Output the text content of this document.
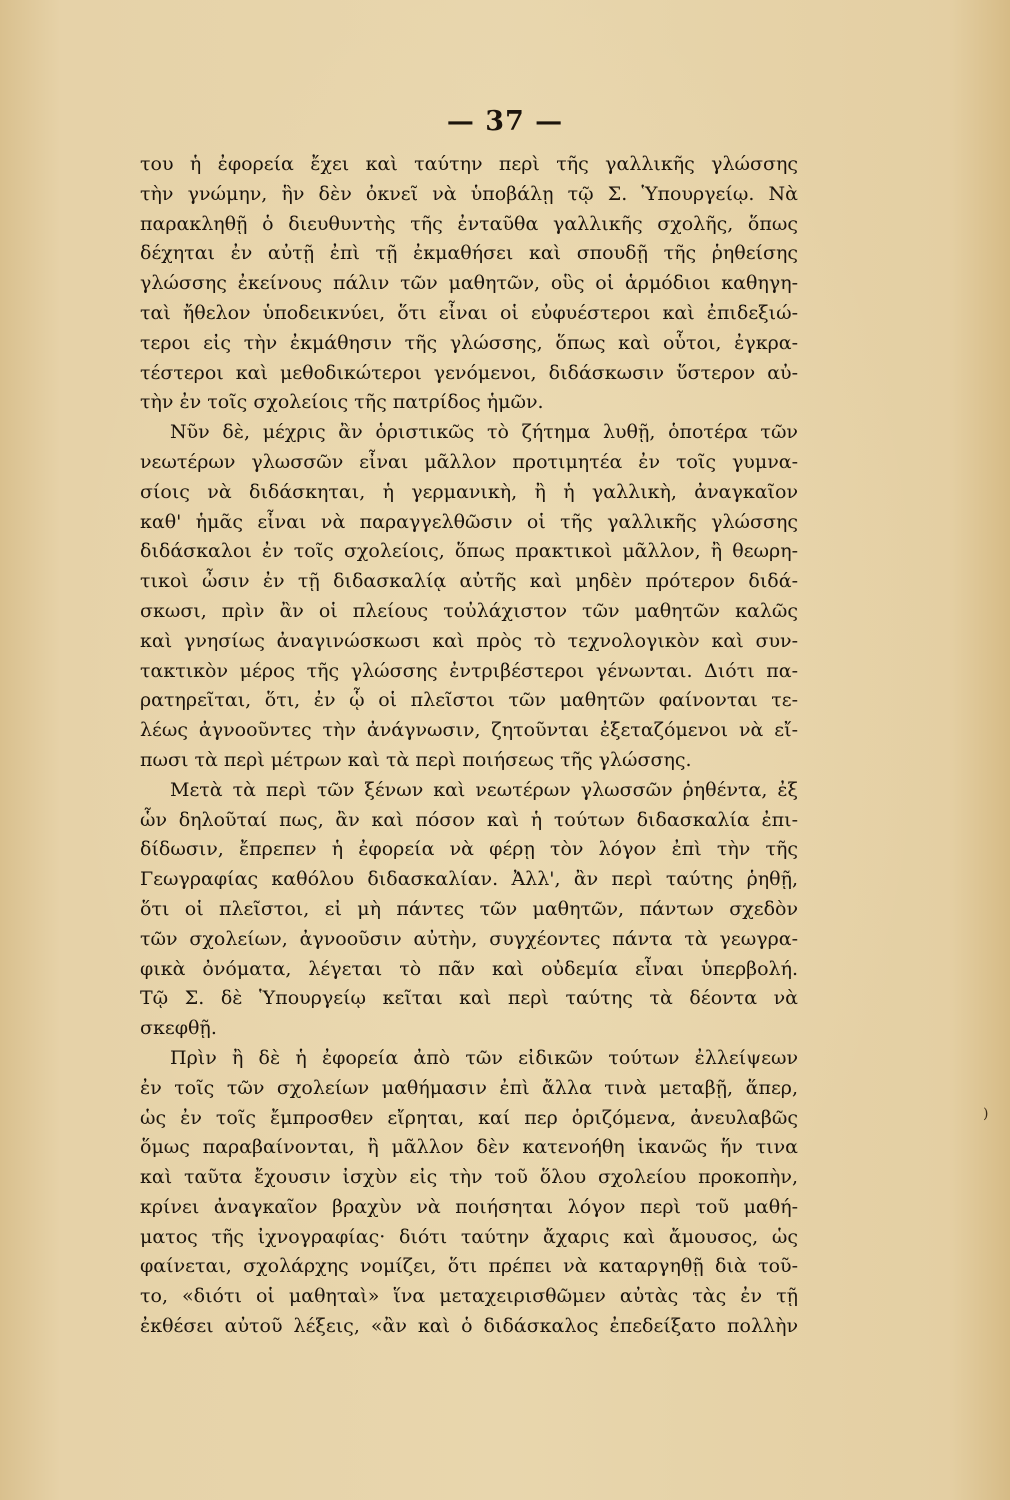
— 37 —
του ἡ ἐφορεία ἔχει καὶ ταύτην περὶ τῆς γαλλικῆς γλώσσης
τὴν γνώμην, ἣν δὲν ὀκνεῖ νὰ ὑποβάλῃ τῷ Σ. Ὑπουργείῳ. Νὰ
παρακληθῇ ὁ διευθυντὴς τῆς ἐνταῦθα γαλλικῆς σχολῆς, ὅπως
δέχηται ἐν αὐτῇ ἐπὶ τῇ ἐκμαθήσει καὶ σπουδῇ τῆς ῥηθείσης
γλώσσης ἐκείνους πάλιν τῶν μαθητῶν, οὓς οἱ ἁρμόδιοι καθηγη-
ταὶ ἤθελον ὑποδεικνύει, ὅτι εἶναι οἱ εὐφυέστεροι καὶ ἐπιδεξιώ-
τεροι εἰς τὴν ἐκμάθησιν τῆς γλώσσης, ὅπως καὶ οὗτοι, ἐγκρα-
τέστεροι καὶ μεθοδικώτεροι γενόμενοι, διδάσκωσιν ὕστερον αὐ-
τὴν ἐν τοῖς σχολείοις τῆς πατρίδος ἡμῶν.
Νῦν δὲ, μέχρις ἂν ὁριστικῶς τὸ ζήτημα λυθῇ, ὁποτέρα τῶν
νεωτέρων γλωσσῶν εἶναι μᾶλλον προτιμητέα ἐν τοῖς γυμνα-
σίοις νὰ διδάσκηται, ἡ γερμανικὴ, ἢ ἡ γαλλικὴ, ἀναγκαῖον
καθ' ἡμᾶς εἶναι νὰ παραγγελθῶσιν οἱ τῆς γαλλικῆς γλώσσης
διδάσκαλοι ἐν τοῖς σχολείοις, ὅπως πρακτικοὶ μᾶλλον, ἢ θεωρη-
τικοὶ ὦσιν ἐν τῇ διδασκαλίᾳ αὐτῆς καὶ μηδὲν πρότερον διδά-
σκωσι, πρὶν ἂν οἱ πλείους τοὐλάχιστον τῶν μαθητῶν καλῶς
καὶ γνησίως ἀναγινώσκωσι καὶ πρὸς τὸ τεχνολογικὸν καὶ συν-
τακτικὸν μέρος τῆς γλώσσης ἐντριβέστεροι γένωνται. Διότι πα-
ρατηρεῖται, ὅτι, ἐν ᾧ οἱ πλεῖστοι τῶν μαθητῶν φαίνονται τε-
λέως ἀγνοοῦντες τὴν ἀνάγνωσιν, ζητοῦνται ἐξεταζόμενοι νὰ εἴ-
πωσι τὰ περὶ μέτρων καὶ τὰ περὶ ποιήσεως τῆς γλώσσης.
Μετὰ τὰ περὶ τῶν ξένων καὶ νεωτέρων γλωσσῶν ῥηθέντα, ἐξ
ὧν δηλοῦταί πως, ἂν καὶ πόσον καὶ ἡ τούτων διδασκαλία ἐπι-
δίδωσιν, ἔπρεπεν ἡ ἐφορεία νὰ φέρῃ τὸν λόγον ἐπὶ τὴν τῆς
Γεωγραφίας καθόλου διδασκαλίαν. Ἀλλ', ἂν περὶ ταύτης ῥηθῇ,
ὅτι οἱ πλεῖστοι, εἰ μὴ πάντες τῶν μαθητῶν, πάντων σχεδὸν
τῶν σχολείων, ἀγνοοῦσιν αὐτὴν, συγχέοντες πάντα τὰ γεωγρα-
φικὰ ὀνόματα, λέγεται τὸ πᾶν καὶ οὐδεμία εἶναι ὑπερβολή.
Τῷ Σ. δὲ Ὑπουργείῳ κεῖται καὶ περὶ ταύτης τὰ δέοντα νὰ
σκεφθῇ.
Πρὶν ἢ δὲ ἡ ἐφορεία ἀπὸ τῶν εἰδικῶν τούτων ἐλλείψεων
ἐν τοῖς τῶν σχολείων μαθήμασιν ἐπὶ ἄλλα τινὰ μεταβῇ, ἅπερ,
ὡς ἐν τοῖς ἔμπροσθεν εἴρηται, καί περ ὁριζόμενα, ἀνευλαβῶς
ὅμως παραβαίνονται, ἢ μᾶλλον δὲν κατενοήθη ἱκανῶς ἥν τινα
καὶ ταῦτα ἔχουσιν ἰσχὺν εἰς τὴν τοῦ ὅλου σχολείου προκοπὴν,
κρίνει ἀναγκαῖον βραχὺν νὰ ποιήσηται λόγον περὶ τοῦ μαθή-
ματος τῆς ἰχνογραφίας· διότι ταύτην ἄχαρις καὶ ἄμουσος, ὡς
φαίνεται, σχολάρχης νομίζει, ὅτι πρέπει νὰ καταργηθῇ διὰ τοῦ-
το, «διότι οἱ μαθηταὶ» ἵνα μεταχειρισθῶμεν αὐτὰς τὰς ἐν τῇ
ἐκθέσει αὐτοῦ λέξεις, «ἂν καὶ ὁ διδάσκαλος ἐπεδείξατο πολλὴν
)
